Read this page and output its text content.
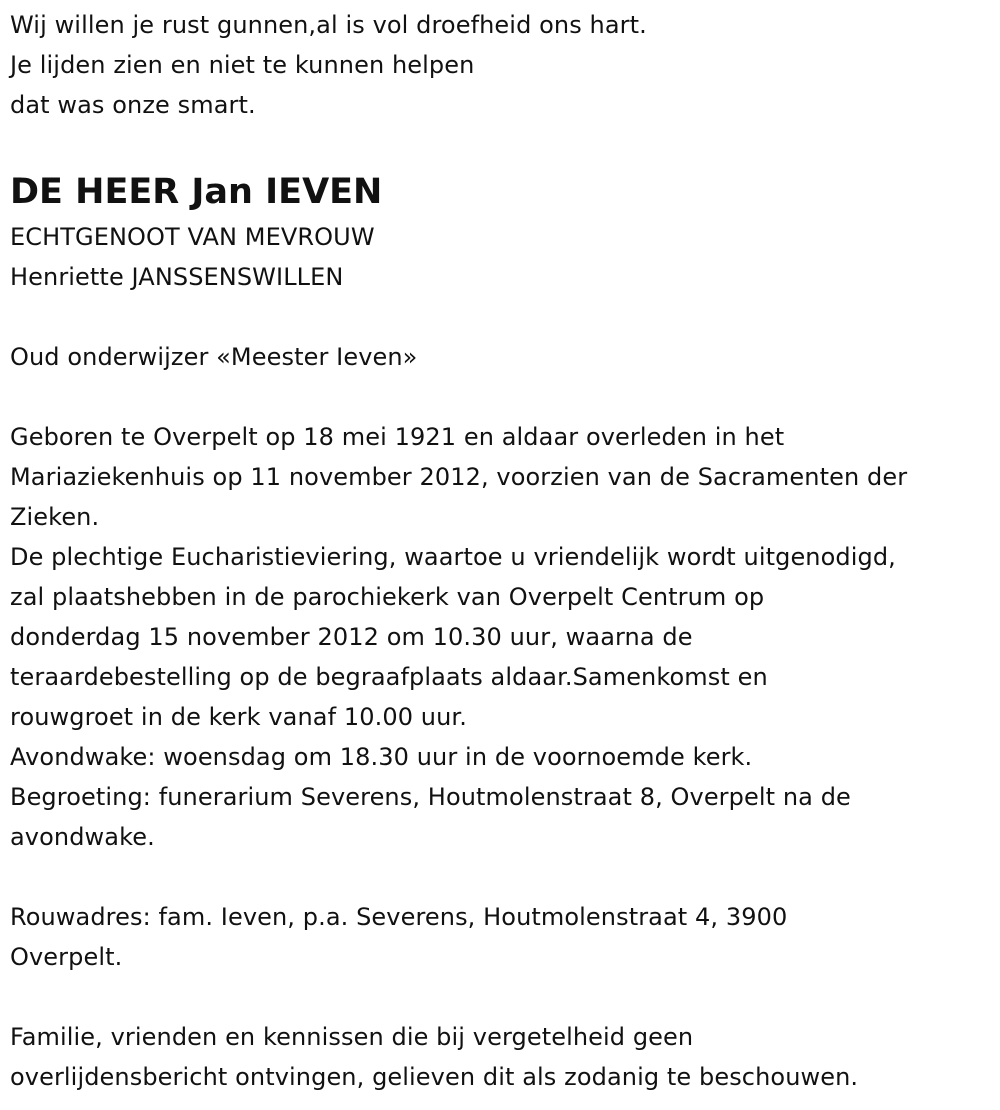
Wij willen je rust gunnen,al is vol droefheid ons hart.
Je lijden zien en niet te kunnen helpen
dat was onze smart.
DE HEER Jan IEVEN
ECHTGENOOT VAN MEVROUW
Henriette JANSSENSWILLEN
Oud onderwijzer «Meester Ieven»
Geboren te Overpelt op 18 mei 1921 en aldaar overleden in het
Mariaziekenhuis op 11 november 2012, voorzien van de Sacramenten der
Zieken.
De plechtige Eucharistieviering, waartoe u vriendelijk wordt uitgenodigd,
zal plaatshebben in de parochiekerk van Overpelt Centrum op
donderdag 15 november 2012 om 10.30 uur, waarna de
teraardebestelling op de begraafplaats aldaar.Samenkomst en
rouwgroet in de kerk vanaf 10.00 uur.
Avondwake: woensdag om 18.30 uur in de voornoemde kerk.
Begroeting: funerarium Severens, Houtmolenstraat 8, Overpelt na de
avondwake.
Rouwadres: fam. Ieven, p.a. Severens, Houtmolenstraat 4, 3900
Overpelt.
Familie, vrienden en kennissen die bij vergetelheid geen
overlijdensbericht ontvingen, gelieven dit als zodanig te beschouwen.
